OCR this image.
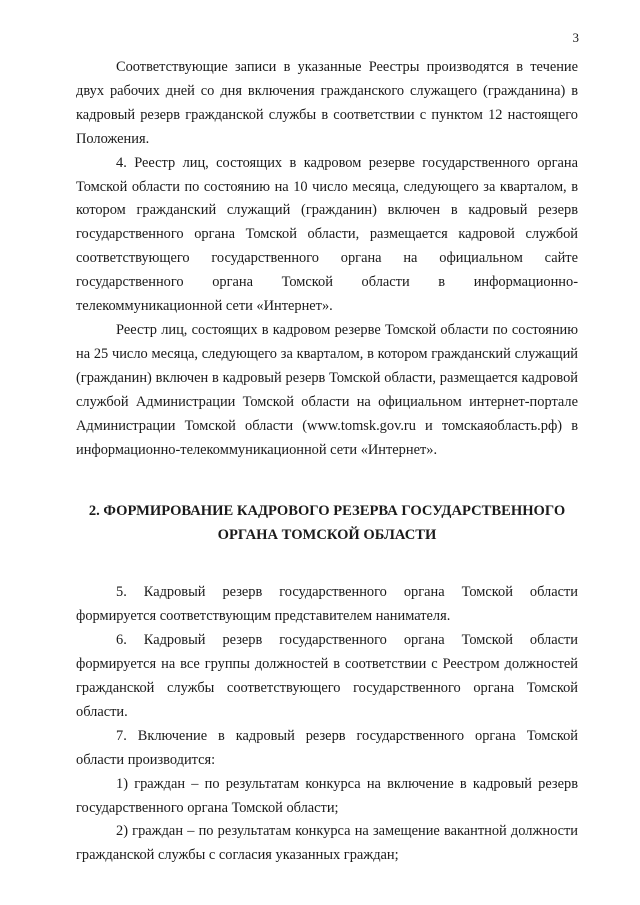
3

Соответствующие записи в указанные Реестры производятся в течение двух рабочих дней со дня включения гражданского служащего (гражданина) в кадровый резерв гражданской службы в соответствии с пунктом 12 настоящего Положения.

4. Реестр лиц, состоящих в кадровом резерве государственного органа Томской области по состоянию на 10 число месяца, следующего за кварталом, в котором гражданский служащий (гражданин) включен в кадровый резерв государственного органа Томской области, размещается кадровой службой соответствующего государственного органа на официальном сайте государственного органа Томской области в информационно-телекоммуникационной сети «Интернет».

Реестр лиц, состоящих в кадровом резерве Томской области по состоянию на 25 число месяца, следующего за кварталом, в котором гражданский служащий (гражданин) включен в кадровый резерв Томской области, размещается кадровой службой Администрации Томской области на официальном интернет-портале Администрации Томской области (www.tomsk.gov.ru и томскаяобласть.рф) в информационно-телекоммуникационной сети «Интернет».

2. ФОРМИРОВАНИЕ КАДРОВОГО РЕЗЕРВА ГОСУДАРСТВЕННОГО
ОРГАНА ТОМСКОЙ ОБЛАСТИ

5. Кадровый резерв государственного органа Томской области формируется соответствующим представителем нанимателя.

6. Кадровый резерв государственного органа Томской области формируется на все группы должностей в соответствии с Реестром должностей гражданской службы соответствующего государственного органа Томской области.

7. Включение в кадровый резерв государственного органа Томской области производится:

1) граждан – по результатам конкурса на включение в кадровый резерв государственного органа Томской области;

2) граждан – по результатам конкурса на замещение вакантной должности гражданской службы с согласия указанных граждан;
